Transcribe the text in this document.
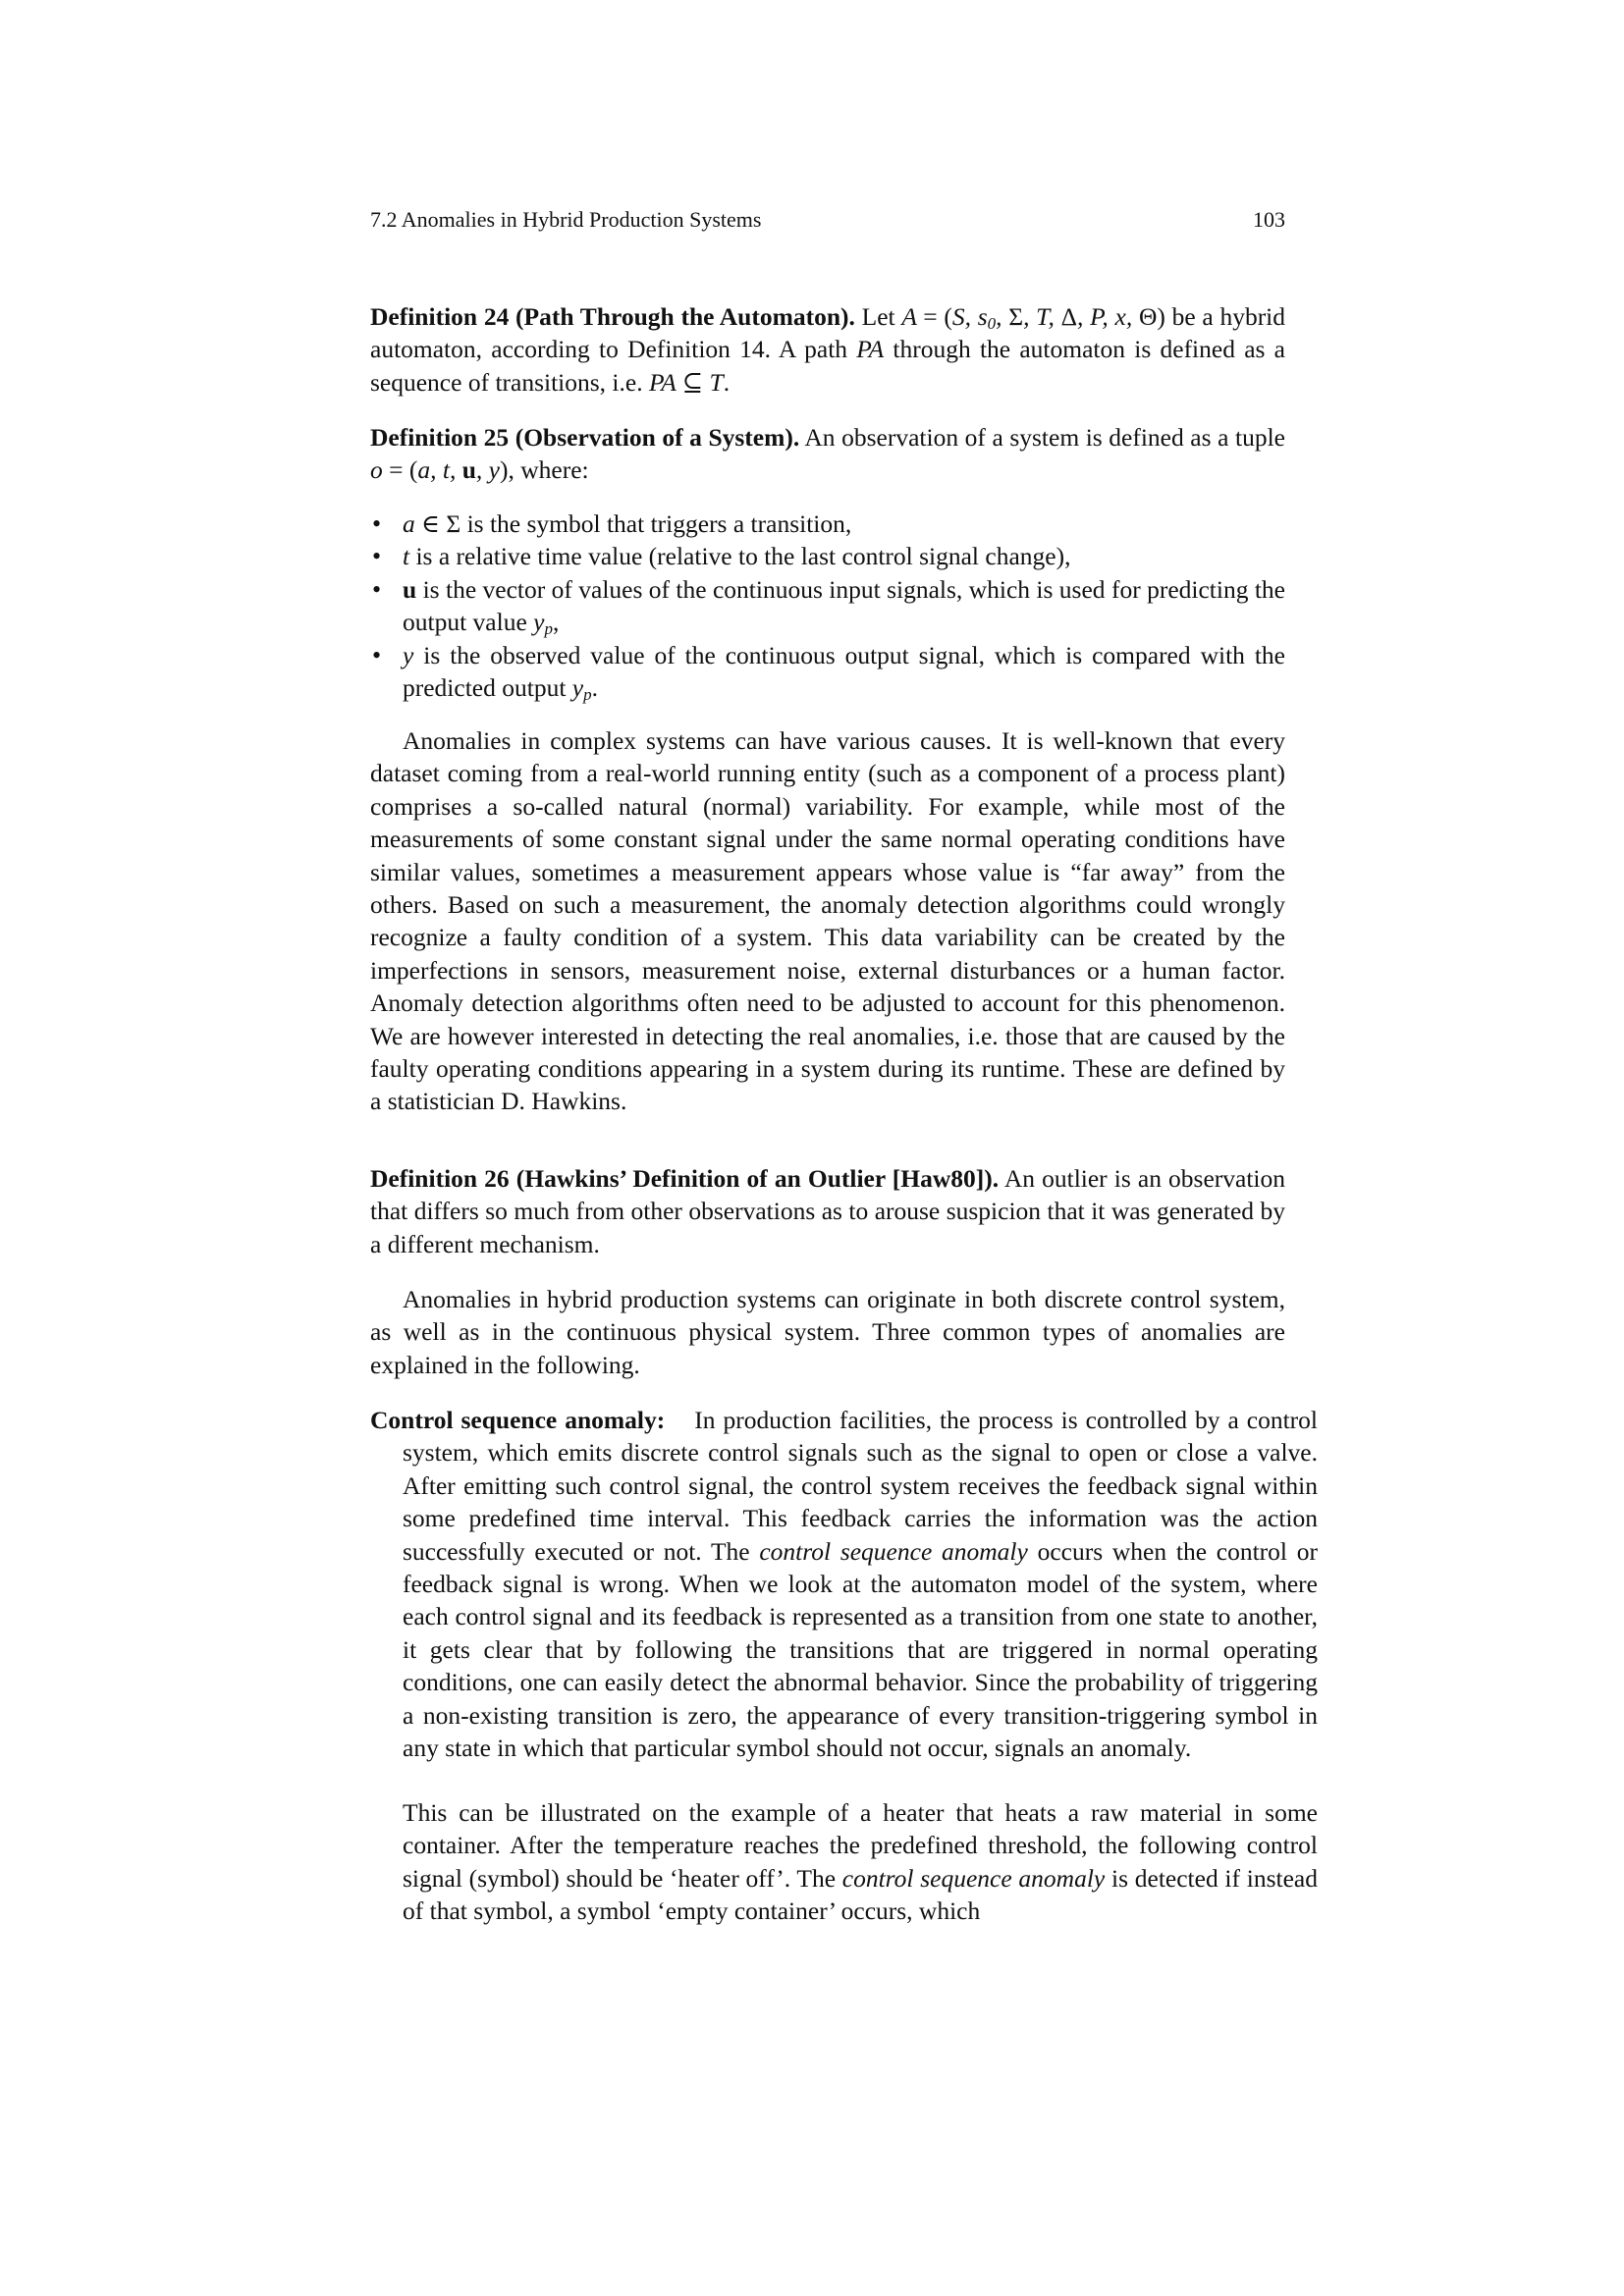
7.2 Anomalies in Hybrid Production Systems	103
Definition 24 (Path Through the Automaton). Let A = (S, $s_0$, Σ, T, Δ, P, x, Θ) be a hybrid automaton, according to Definition 14. A path PA through the automaton is defined as a sequence of transitions, i.e. PA ⊆ T.
Definition 25 (Observation of a System). An observation of a system is defined as a tuple o = (a, t, u, y), where:
• a ∈ Σ is the symbol that triggers a transition,
• t is a relative time value (relative to the last control signal change),
• u is the vector of values of the continuous input signals, which is used for predicting the output value $y_p$,
• y is the observed value of the continuous output signal, which is compared with the predicted output $y_p$.
Anomalies in complex systems can have various causes. It is well-known that every dataset coming from a real-world running entity (such as a component of a process plant) comprises a so-called natural (normal) variability. For example, while most of the measurements of some constant signal under the same normal operating conditions have similar values, sometimes a measurement appears whose value is “far away” from the others. Based on such a measurement, the anomaly detection algorithms could wrongly recognize a faulty condition of a system. This data variability can be created by the imperfections in sensors, measurement noise, external disturbances or a human factor. Anomaly detection algorithms often need to be adjusted to account for this phenomenon. We are however interested in detecting the real anomalies, i.e. those that are caused by the faulty operating conditions appearing in a system during its runtime. These are defined by a statistician D. Hawkins.
Definition 26 (Hawkins’ Definition of an Outlier [Haw80]). An outlier is an observation that differs so much from other observations as to arouse suspicion that it was generated by a different mechanism.
Anomalies in hybrid production systems can originate in both discrete control system, as well as in the continuous physical system. Three common types of anomalies are explained in the following.
Control sequence anomaly: In production facilities, the process is controlled by a control system, which emits discrete control signals such as the signal to open or close a valve. After emitting such control signal, the control system receives the feedback signal within some predefined time interval. This feedback carries the information was the action successfully executed or not. The control sequence anomaly occurs when the control or feedback signal is wrong. When we look at the automaton model of the system, where each control signal and its feedback is represented as a transition from one state to another, it gets clear that by following the transitions that are triggered in normal operating conditions, one can easily detect the abnormal behavior. Since the probability of triggering a non-existing transition is zero, the appearance of every transition-triggering symbol in any state in which that particular symbol should not occur, signals an anomaly.
This can be illustrated on the example of a heater that heats a raw material in some container. After the temperature reaches the predefined threshold, the following control signal (symbol) should be ‘heater off’. The control sequence anomaly is detected if instead of that symbol, a symbol ‘empty container’ occurs, which
